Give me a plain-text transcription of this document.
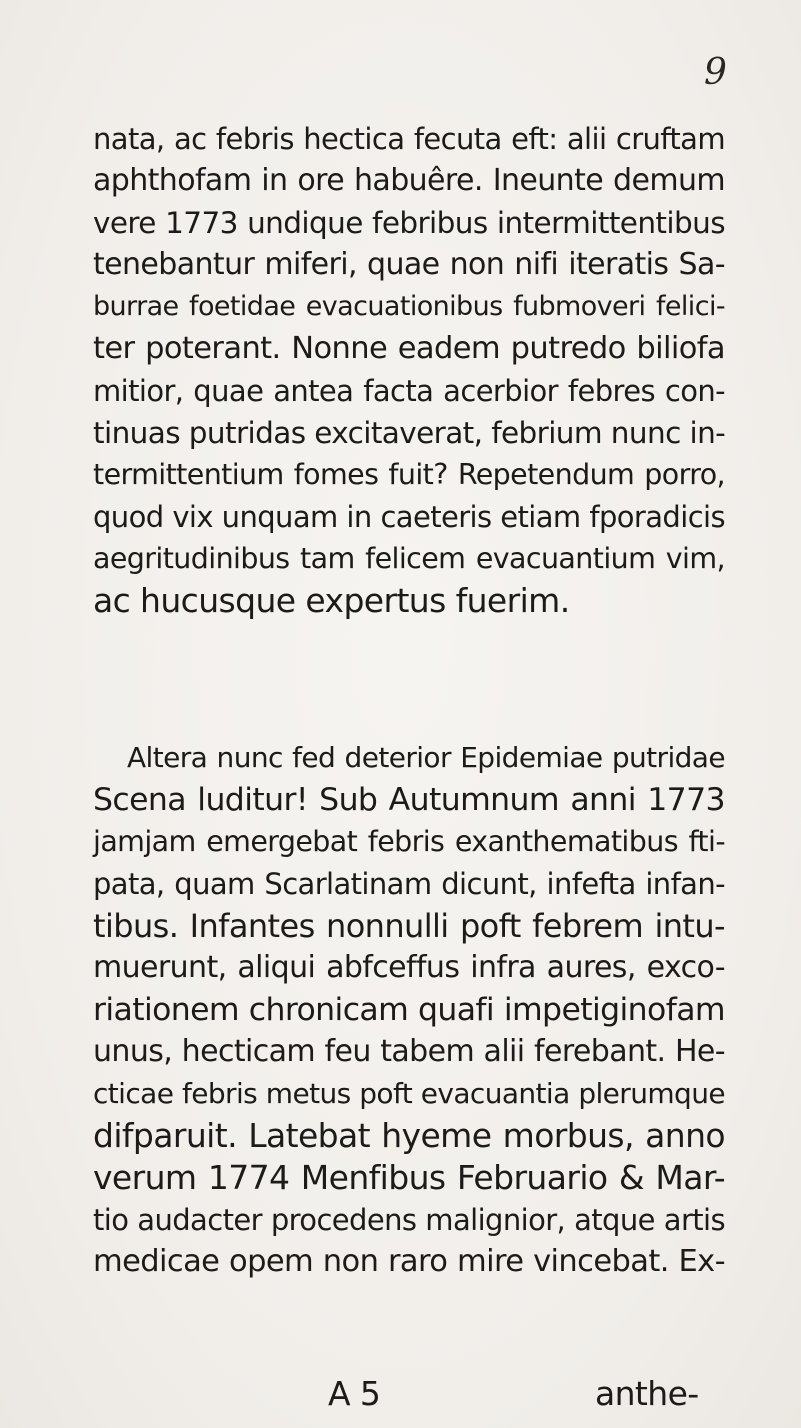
9
nata, ac febris hectica fecuta eft: alii cruftam
aphthofam in ore habuêre. Ineunte demum
vere 1773 undique febribus intermittentibus
tenebantur miferi, quae non nifi iteratis Sa-
burrae foetidae evacuationibus fubmoveri felici-
ter poterant. Nonne eadem putredo biliofa
mitior, quae antea facta acerbior febres con-
tinuas putridas excitaverat, febrium nunc in-
termittentium fomes fuit? Repetendum porro,
quod vix unquam in caeteris etiam fporadicis
aegritudinibus tam felicem evacuantium vim,
ac hucusque expertus fuerim.
Altera nunc fed deterior Epidemiae putridae
Scena luditur! Sub Autumnum anni 1773
jamjam emergebat febris exanthematibus fti-
pata, quam Scarlatinam dicunt, infefta infan-
tibus. Infantes nonnulli poft febrem intu-
muerunt, aliqui abfceffus infra aures, exco-
riationem chronicam quafi impetiginofam
unus, hecticam feu tabem alii ferebant. He-
cticae febris metus poft evacuantia plerumque
difparuit. Latebat hyeme morbus, anno
verum 1774 Menfibus Februario & Mar-
tio audacter procedens malignior, atque artis
medicae opem non raro mire vincebat. Ex-
A 5	anthe-
